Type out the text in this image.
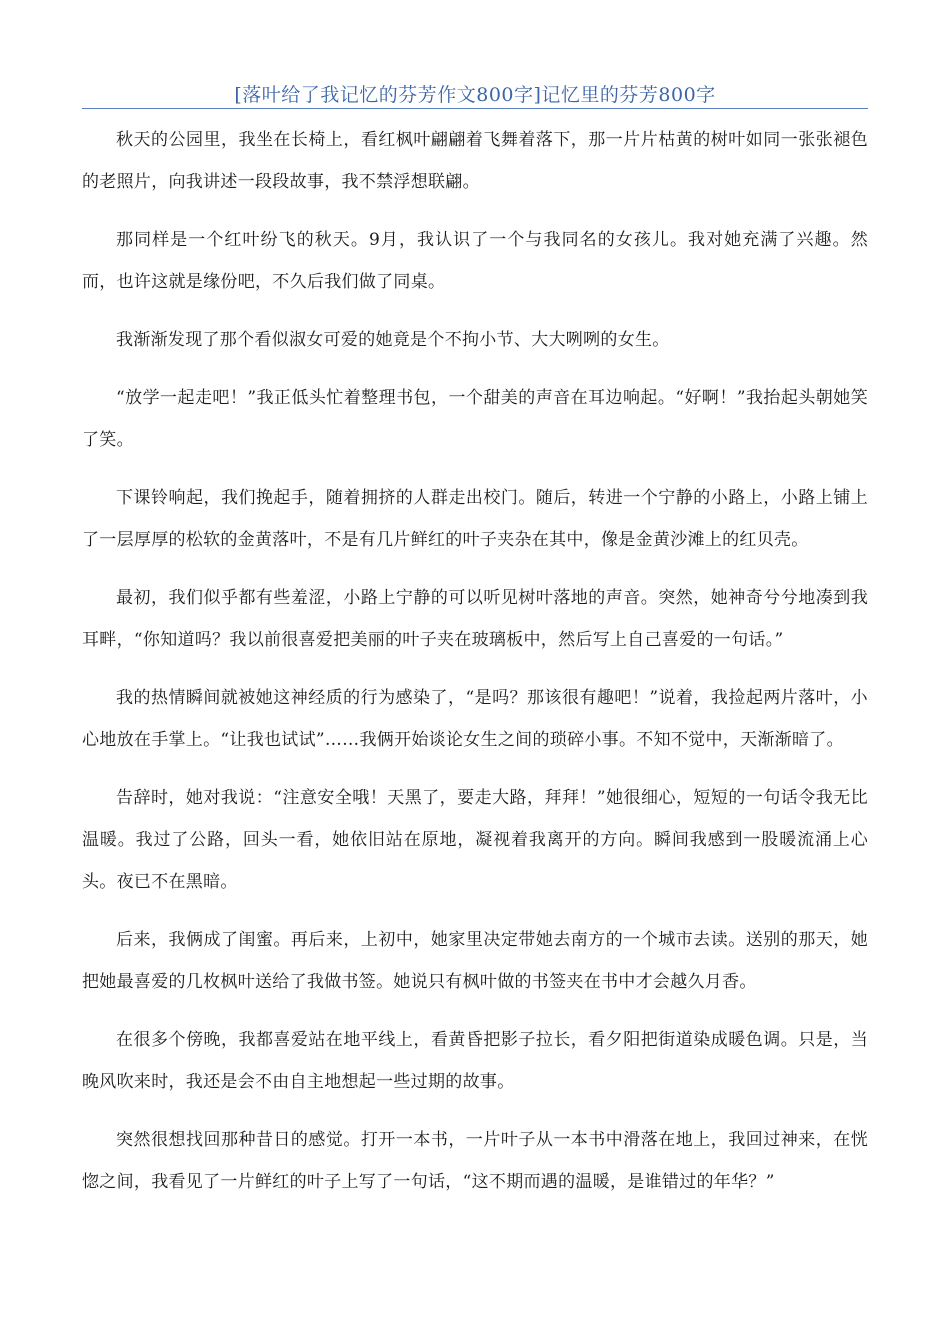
[落叶给了我记忆的芬芳作文800字]记忆里的芬芳800字

秋天的公园里，我坐在长椅上，看红枫叶翩翩着飞舞着落下，那一片片枯黄的树叶如同一张张褪色的老照片，向我讲述一段段故事，我不禁浮想联翩。

那同样是一个红叶纷飞的秋天。9月，我认识了一个与我同名的女孩儿。我对她充满了兴趣。然而，也许这就是缘份吧，不久后我们做了同桌。

我渐渐发现了那个看似淑女可爱的她竟是个不拘小节、大大咧咧的女生。

“放学一起走吧！”我正低头忙着整理书包，一个甜美的声音在耳边响起。“好啊！”我抬起头朝她笑了笑。

下课铃响起，我们挽起手，随着拥挤的人群走出校门。随后，转进一个宁静的小路上，小路上铺上了一层厚厚的松软的金黄落叶，不是有几片鲜红的叶子夹杂在其中，像是金黄沙滩上的红贝壳。

最初，我们似乎都有些羞涩，小路上宁静的可以听见树叶落地的声音。突然，她神奇兮兮地凑到我耳畔，“你知道吗？我以前很喜爱把美丽的叶子夹在玻璃板中，然后写上自己喜爱的一句话。”

我的热情瞬间就被她这神经质的行为感染了，“是吗？那该很有趣吧！”说着，我捡起两片落叶，小心地放在手掌上。“让我也试试”……我俩开始谈论女生之间的琐碎小事。不知不觉中，天渐渐暗了。

告辞时，她对我说：“注意安全哦！天黑了，要走大路，拜拜！”她很细心，短短的一句话令我无比温暖。我过了公路，回头一看，她依旧站在原地，凝视着我离开的方向。瞬间我感到一股暖流涌上心头。夜已不在黑暗。

后来，我俩成了闺蜜。再后来，上初中，她家里决定带她去南方的一个城市去读。送别的那天，她把她最喜爱的几枚枫叶送给了我做书签。她说只有枫叶做的书签夹在书中才会越久月香。

在很多个傍晚，我都喜爱站在地平线上，看黄昏把影子拉长，看夕阳把街道染成暖色调。只是，当晚风吹来时，我还是会不由自主地想起一些过期的故事。

突然很想找回那种昔日的感觉。打开一本书，一片叶子从一本书中滑落在地上，我回过神来，在恍惚之间，我看见了一片鲜红的叶子上写了一句话，“这不期而遇的温暖，是谁错过的年华？”
